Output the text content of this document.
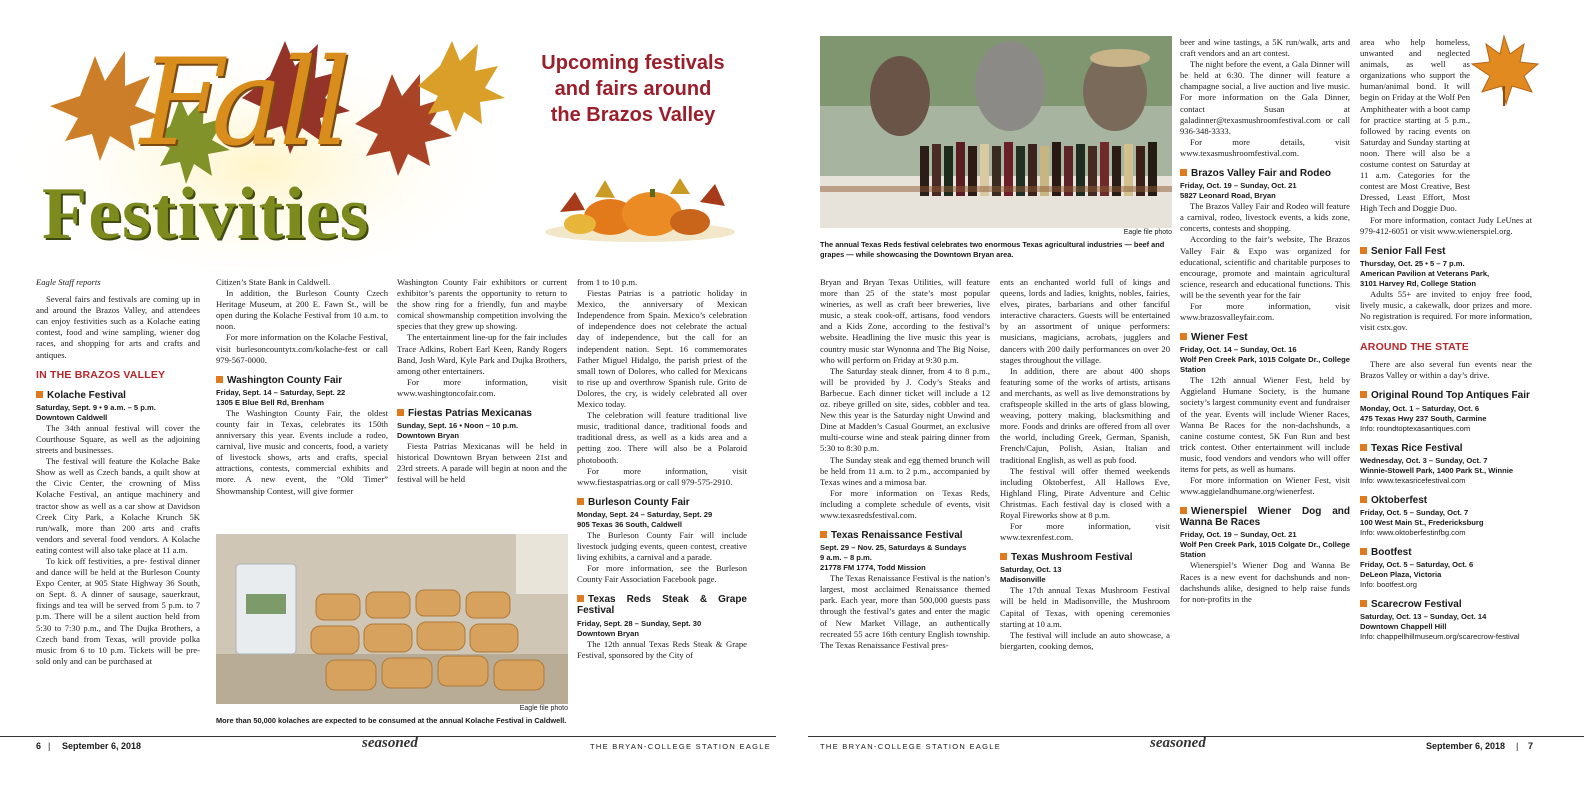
Fall
Festivities
Upcoming festivals and fairs around the Brazos Valley

Eagle Staff reports

Several fairs and festivals are coming up in and around the Brazos Valley, and attendees can enjoy festivities such as a Kolache eating contest, food and wine sampling, wiener dog races, and shopping for arts and crafts and antiques.

IN THE BRAZOS VALLEY
Kolache Festival
Saturday, Sept. 9 • 9 a.m. – 5 p.m.
Downtown Caldwell

The 34th annual festival will cover the Courthouse Square, as well as the adjoining streets and businesses.

The festival will feature the Kolache Bake Show as well as Czech bands, a quilt show at the Civic Center, the crowning of Miss Kolache Festival, an antique machinery and tractor show as well as a car show at Davidson Creek City Park, a Kolache Krunch 5K run/walk, more than 200 arts and crafts vendors and several food vendors. A Kolache eating contest will also take place at 11 a.m.

To kick off festivities, a pre- festival dinner and dance will be held at the Burleson County Expo Center, at 905 State Highway 36 South, on Sept. 8. A dinner of sausage, sauerkraut, fixings and tea will be served from 5 p.m. to 7 p.m. There will be a silent auction held from 5:30 to 7:30 p.m., and The Dujka Brothers, a Czech band from Texas, will provide polka music from 6 to 10 p.m. Tickets will be pre-sold only and can be purchased at

Citizen’s State Bank in Caldwell.

In addition, the Burleson County Czech Heritage Museum, at 200 E. Fawn St., will be open during the Kolache Festival from 10 a.m. to noon.

For more information on the Kolache Festival, visit burlesoncountytx.com/kolache-fest or call 979-567-0000.

Washington County Fair
Friday, Sept. 14 – Saturday, Sept. 22
1305 E Blue Bell Rd, Brenham

The Washington County Fair, the oldest county fair in Texas, celebrates its 150th anniversary this year. Events include a rodeo, carnival, live music and concerts, food, a variety of livestock shows, arts and crafts, special attractions, contests, commercial exhibits and more. A new event, the “Old Timer” Showmanship Contest, will give former

Washington County Fair exhibitors or current exhibitor’s parents the opportunity to return to the show ring for a friendly, fun and maybe comical showmanship competition involving the species that they grew up showing.

The entertainment line-up for the fair includes Trace Adkins, Robert Earl Keen, Randy Rogers Band, Josh Ward, Kyle Park and Dujka Brothers, among other entertainers.

For more information, visit www.washingtoncofair.com.

Fiestas Patrias Mexicanas
Sunday, Sept. 16 • Noon – 10 p.m.
Downtown Bryan

Fiesta Patrias Mexicanas will be held in historical Downtown Bryan between 21st and 23rd streets. A parade will begin at noon and the festival will be held

from 1 to 10 p.m.

Fiestas Patrias is a patriotic holiday in Mexico, the anniversary of Mexican Independence from Spain. Mexico’s celebration of independence does not celebrate the actual day of independence, but the call for an independent nation. Sept. 16 commemorates Father Miguel Hidalgo, the parish priest of the small town of Dolores, who called for Mexicans to rise up and overthrow Spanish rule. Grito de Dolores, the cry, is widely celebrated all over Mexico today.

The celebration will feature traditional live music, traditional dance, traditional foods and traditional dress, as well as a kids area and a petting zoo. There will also be a Polaroid photobooth.

For more information, visit www.fiestaspatrias.org or call 979-575-2910.

Burleson County Fair
Monday, Sept. 24 – Saturday, Sept. 29
905 Texas 36 South, Caldwell

The Burleson County Fair will include livestock judging events, queen contest, creative living exhibits, a carnival and a parade.

For more information, see the Burleson County Fair Association Facebook page.

Texas Reds Steak & Grape Festival
Friday, Sept. 28 – Sunday, Sept. 30
Downtown Bryan

The 12th annual Texas Reds Steak & Grape Festival, sponsored by the City of

Eagle file photo
More than 50,000 kolaches are expected to be consumed at the annual Kolache Festival in Caldwell.
6 | September 6, 2018	seasoned	THE BRYAN-COLLEGE STATION EAGLE
Eagle file photo
The annual Texas Reds festival celebrates two enormous Texas agricultural industries — beef and grapes — while showcasing the Downtown Bryan area.

Bryan and Bryan Texas Utilities, will feature more than 25 of the state’s most popular wineries, as well as craft beer breweries, live music, a steak cook-off, artisans, food vendors and a Kids Zone, according to the festival’s website. Headlining the live music this year is country music star Wynonna and The Big Noise, who will perform on Friday at 9:30 p.m.

The Saturday steak dinner, from 4 to 8 p.m., will be provided by J. Cody’s Steaks and Barbecue. Each dinner ticket will include a 12 oz. ribeye grilled on site, sides, cobbler and tea. New this year is the Saturday night Unwind and Dine at Madden’s Casual Gourmet, an exclusive multi-course wine and steak pairing dinner from 5:30 to 8:30 p.m.

The Sunday steak and egg themed brunch will be held from 11 a.m. to 2 p.m., accompanied by Texas wines and a mimosa bar.

For more information on Texas Reds, including a complete schedule of events, visit www.texasredsfestival.com.

Texas Renaissance Festival
Sept. 29 – Nov. 25, Saturdays & Sundays
9 a.m. – 8 p.m.
21778 FM 1774, Todd Mission

The Texas Renaissance Festival is the nation’s largest, most acclaimed Renaissance themed park. Each year, more than 500,000 guests pass through the festival’s gates and enter the magic of New Market Village, an authentically recreated 55 acre 16th century English township. The Texas Renaissance Festival pres-

ents an enchanted world full of kings and queens, lords and ladies, knights, nobles, fairies, elves, pirates, barbarians and other fanciful interactive characters. Guests will be entertained by an assortment of unique performers: musicians, magicians, acrobats, jugglers and dancers with 200 daily performances on over 20 stages throughout the village.

In addition, there are about 400 shops featuring some of the works of artists, artisans and merchants, as well as live demonstrations by craftspeople skilled in the arts of glass blowing, weaving, pottery making, blacksmithing and more. Foods and drinks are offered from all over the world, including Greek, German, Spanish, French/Cajun, Polish, Asian, Italian and traditional English, as well as pub food.

The festival will offer themed weekends including Oktoberfest, All Hallows Eve, Highland Fling, Pirate Adventure and Celtic Christmas. Each festival day is closed with a Royal Fireworks show at 8 p.m.

For more information, visit www.texrenfest.com.

Texas Mushroom Festival
Saturday, Oct. 13
Madisonville

The 17th annual Texas Mushroom Festival will be held in Madisonville, the Mushroom Capital of Texas, with opening ceremonies starting at 10 a.m.

The festival will include an auto showcase, a biergarten, cooking demos,

beer and wine tastings, a 5K run/walk, arts and craft vendors and an art contest.

The night before the event, a Gala Dinner will be held at 6:30. The dinner will feature a champagne social, a live auction and live music. For more information on the Gala Dinner, contact Susan at galadinner@texasmushroomfestival.com or call 936-348-3333.

For more details, visit www.texasmushroomfestival.com.

Brazos Valley Fair and Rodeo
Friday, Oct. 19 – Sunday, Oct. 21
5827 Leonard Road, Bryan

The Brazos Valley Fair and Rodeo will feature a carnival, rodeo, livestock events, a kids zone, concerts, contests and shopping.

According to the fair’s website, The Brazos Valley Fair & Expo was organized for educational, scientific and charitable purposes to encourage, promote and maintain agricultural science, research and educational functions. This will be the seventh year for the fair

For more information, visit www.brazosvalleyfair.com.

Wiener Fest
Friday, Oct. 14 – Sunday, Oct. 16
Wolf Pen Creek Park, 1015 Colgate Dr., College Station

The 12th annual Wiener Fest, held by Aggieland Humane Society, is the humane society’s largest community event and fundraiser of the year. Events will include Wiener Races, Wanna Be Races for the non-dachshunds, a canine costume contest, 5K Fun Run and best trick contest. Other entertainment will include music, food vendors and vendors who will offer items for pets, as well as humans.

For more information on Wiener Fest, visit www.aggielandhumane.org/wienerfest.

Wienerspiel Wiener Dog and Wanna Be Races
Friday, Oct. 19 – Sunday, Oct. 21
Wolf Pen Creek Park, 1015 Colgate Dr., College Station

Wienerspiel’s Wiener Dog and Wanna Be Races is a new event for dachshunds and non-dachshunds alike, designed to help raise funds for non-profits in the

area who help homeless, unwanted and neglected animals, as well as organizations who support the human/animal bond. It will begin on Friday at the Wolf Pen Amphitheater with a boot camp for practice starting at 5 p.m., followed by racing events on Saturday and Sunday starting at noon. There will also be a costume contest on Saturday at 11 a.m. Categories for the contest are Most Creative, Best Dressed, Least Effort, Most High Tech and Doggie Duo.

For more information, contact Judy LeUnes at 979-412-6051 or visit www.wienerspiel.org.

Senior Fall Fest
Thursday, Oct. 25 • 5 – 7 p.m.
American Pavilion at Veterans Park,
3101 Harvey Rd, College Station

Adults 55+ are invited to enjoy free food, lively music, a cakewalk, door prizes and more. No registration is required. For more information, visit cstx.gov.

AROUND THE STATE

There are also several fun events near the Brazos Valley or within a day’s drive.

Original Round Top Antiques Fair
Monday, Oct. 1 – Saturday, Oct. 6
475 Texas Hwy 237 South, Carmine
Info: roundtoptexasantiques.com
Texas Rice Festival
Wednesday, Oct. 3 – Sunday, Oct. 7
Winnie-Stowell Park, 1400 Park St., Winnie
Info: www.texasricefestival.com
Oktoberfest
Friday, Oct. 5 – Sunday, Oct. 7
100 West Main St., Fredericksburg
Info: www.oktoberfestinfbg.com
Bootfest
Friday, Oct. 5 – Saturday, Oct. 6
DeLeon Plaza, Victoria
Info: bootfest.org
Scarecrow Festival
Saturday, Oct. 13 – Sunday, Oct. 14
Downtown Chappell Hill
Info: chappellhillmuseum.org/scarecrow-festival
THE BRYAN-COLLEGE STATION EAGLE	seasoned	September 6, 2018 | 7
